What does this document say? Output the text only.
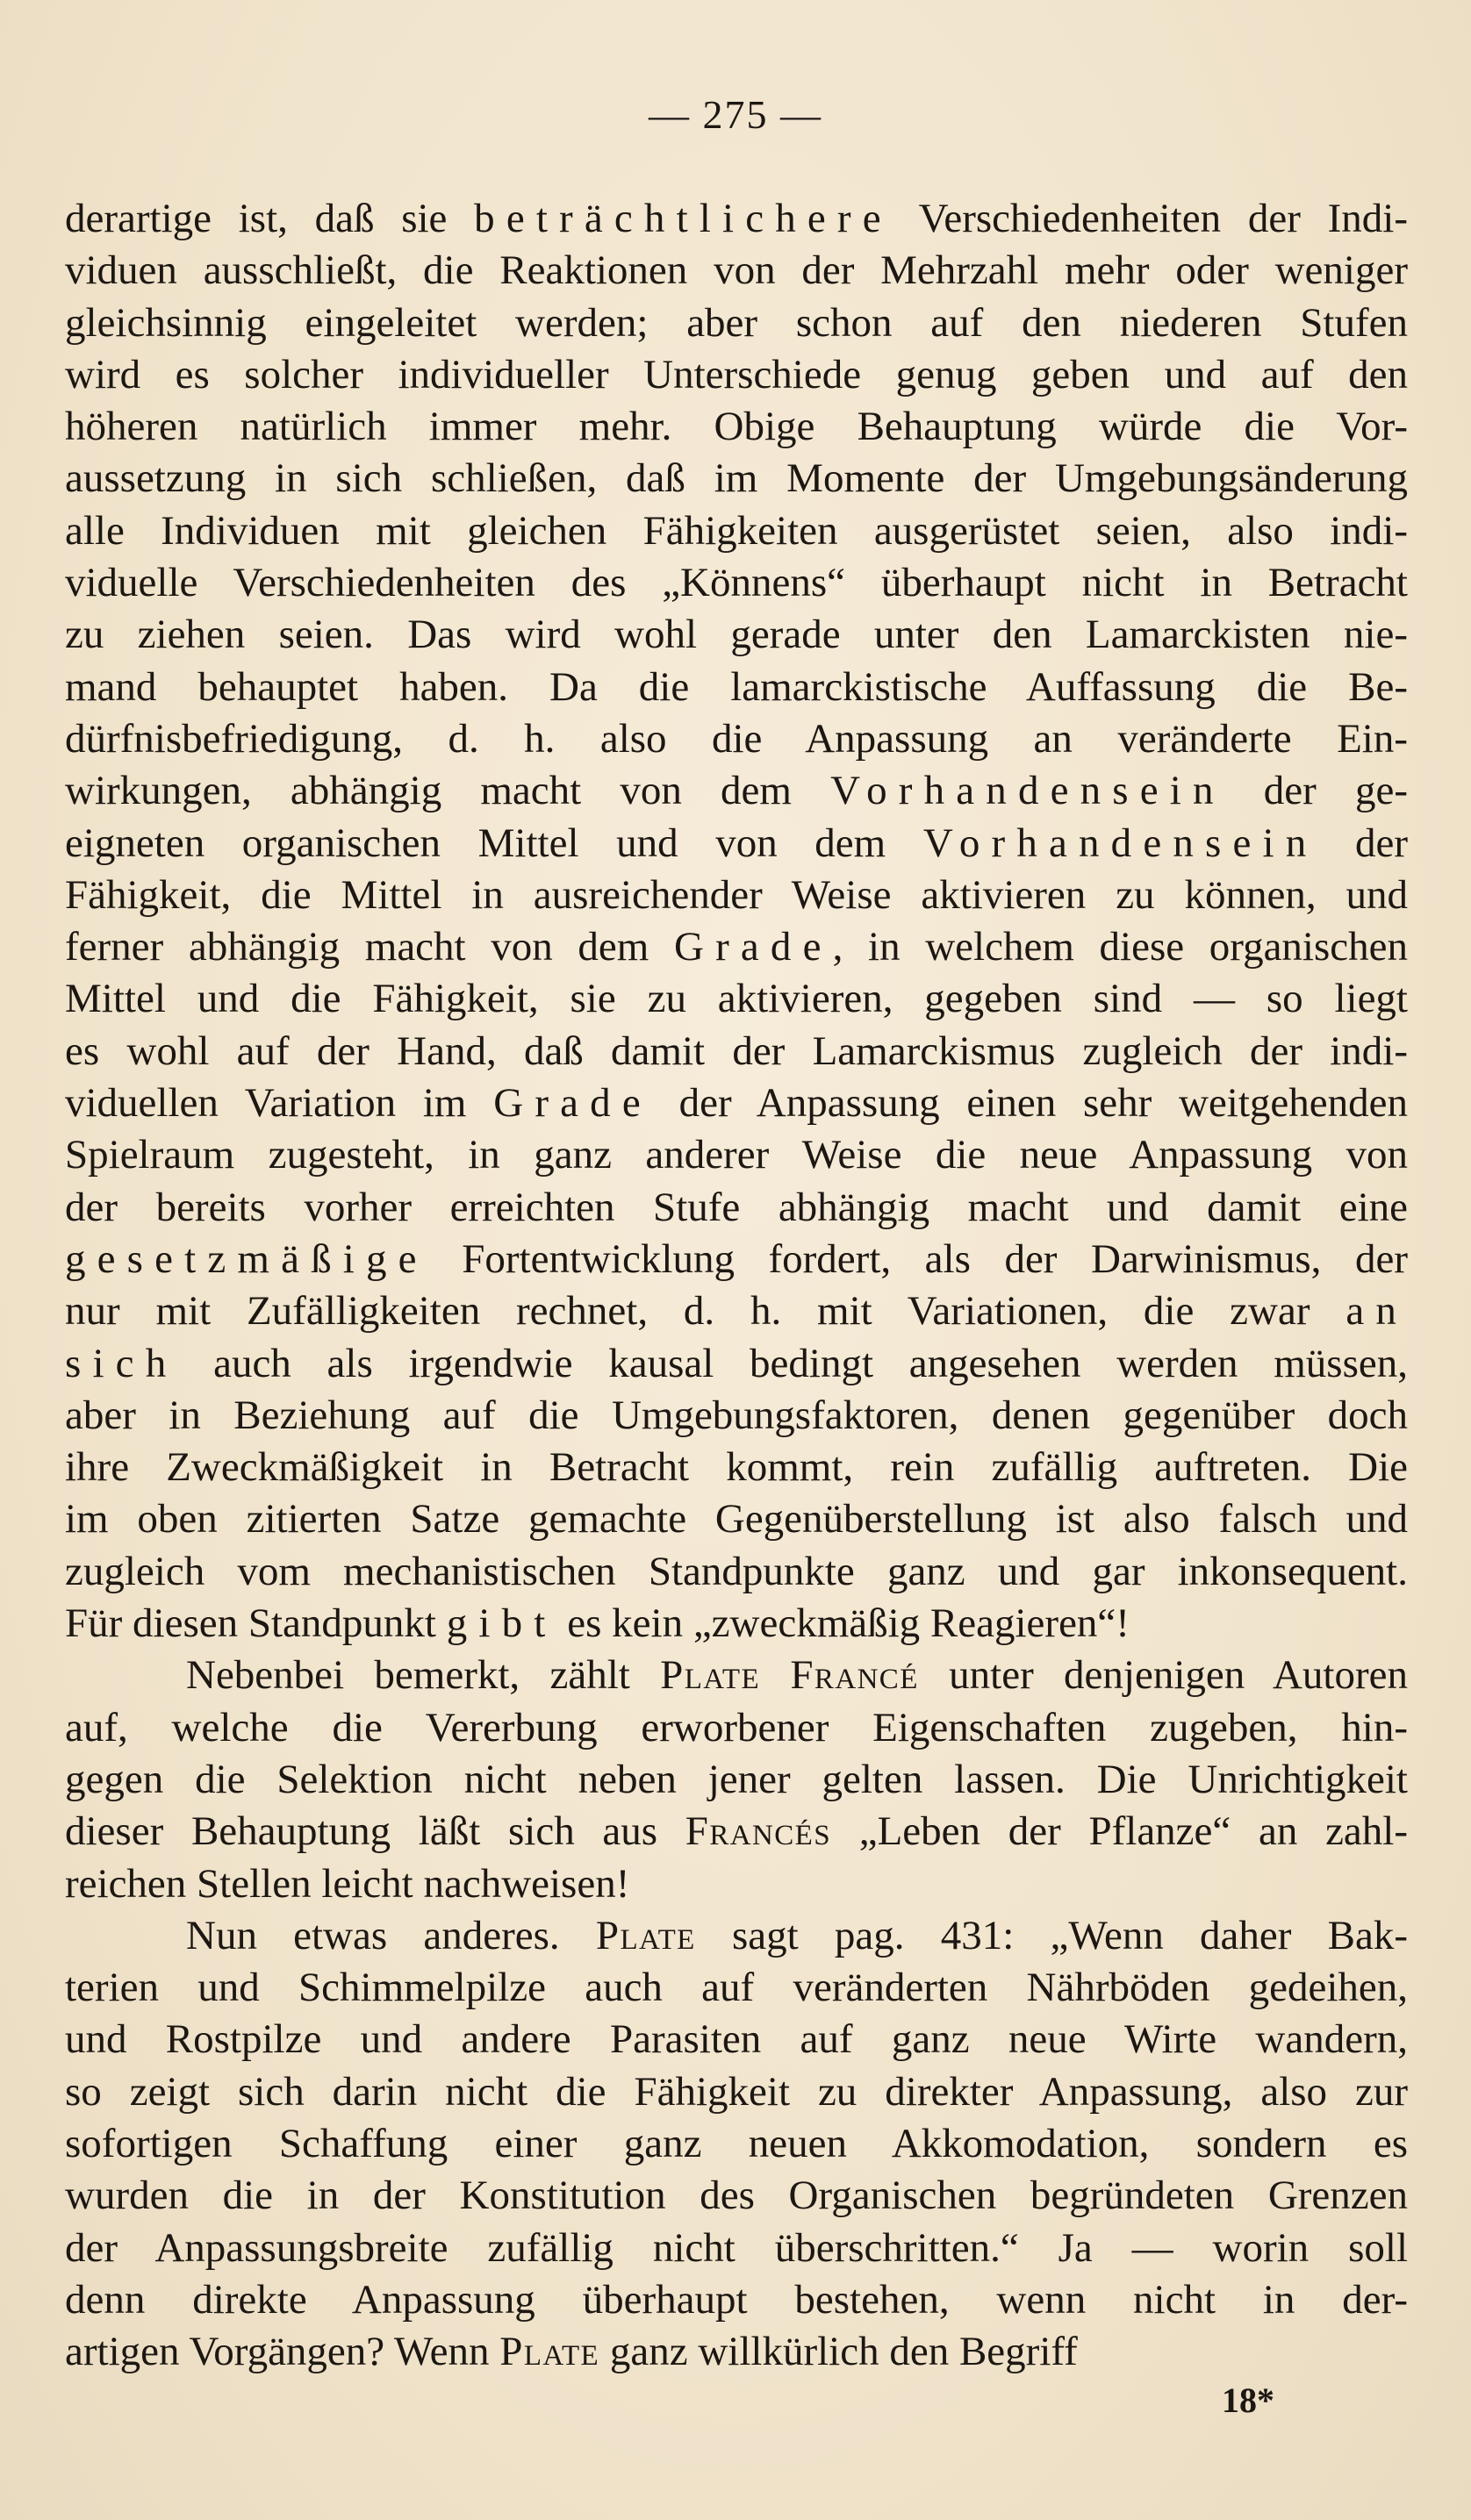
— 275 —
derartige ist, daß sie beträchtlichere Verschiedenheiten der Indi-
viduen ausschließt, die Reaktionen von der Mehrzahl mehr oder weniger
gleichsinnig eingeleitet werden; aber schon auf den niederen Stufen
wird es solcher individueller Unterschiede genug geben und auf den
höheren natürlich immer mehr. Obige Behauptung würde die Vor-
aussetzung in sich schließen, daß im Momente der Umgebungsänderung
alle Individuen mit gleichen Fähigkeiten ausgerüstet seien, also indi-
viduelle Verschiedenheiten des „Könnens“ überhaupt nicht in Betracht
zu ziehen seien. Das wird wohl gerade unter den Lamarckisten nie-
mand behauptet haben. Da die lamarckistische Auffassung die Be-
dürfnisbefriedigung, d. h. also die Anpassung an veränderte Ein-
wirkungen, abhängig macht von dem Vorhandensein der ge-
eigneten organischen Mittel und von dem Vorhandensein der
Fähigkeit, die Mittel in ausreichender Weise aktivieren zu können, und
ferner abhängig macht von dem Grade, in welchem diese organischen
Mittel und die Fähigkeit, sie zu aktivieren, gegeben sind — so liegt
es wohl auf der Hand, daß damit der Lamarckismus zugleich der indi-
viduellen Variation im Grade der Anpassung einen sehr weitgehenden
Spielraum zugesteht, in ganz anderer Weise die neue Anpassung von
der bereits vorher erreichten Stufe abhängig macht und damit eine
gesetzmäßige Fortentwicklung fordert, als der Darwinismus, der
nur mit Zufälligkeiten rechnet, d. h. mit Variationen, die zwar an
sich auch als irgendwie kausal bedingt angesehen werden müssen,
aber in Beziehung auf die Umgebungsfaktoren, denen gegenüber doch
ihre Zweckmäßigkeit in Betracht kommt, rein zufällig auftreten. Die
im oben zitierten Satze gemachte Gegenüberstellung ist also falsch und
zugleich vom mechanistischen Standpunkte ganz und gar inkonsequent.
Für diesen Standpunkt gibt es kein „zweckmäßig Reagieren“!
Nebenbei bemerkt, zählt Plate Francé unter denjenigen Autoren
auf, welche die Vererbung erworbener Eigenschaften zugeben, hin-
gegen die Selektion nicht neben jener gelten lassen. Die Unrichtigkeit
dieser Behauptung läßt sich aus Francés „Leben der Pflanze“ an zahl-
reichen Stellen leicht nachweisen!
Nun etwas anderes. Plate sagt pag. 431: „Wenn daher Bak-
terien und Schimmelpilze auch auf veränderten Nährböden gedeihen,
und Rostpilze und andere Parasiten auf ganz neue Wirte wandern,
so zeigt sich darin nicht die Fähigkeit zu direkter Anpassung, also zur
sofortigen Schaffung einer ganz neuen Akkomodation, sondern es
wurden die in der Konstitution des Organischen begründeten Grenzen
der Anpassungsbreite zufällig nicht überschritten.“ Ja — worin soll
denn direkte Anpassung überhaupt bestehen, wenn nicht in der-
artigen Vorgängen? Wenn Plate ganz willkürlich den Begriff
18*
